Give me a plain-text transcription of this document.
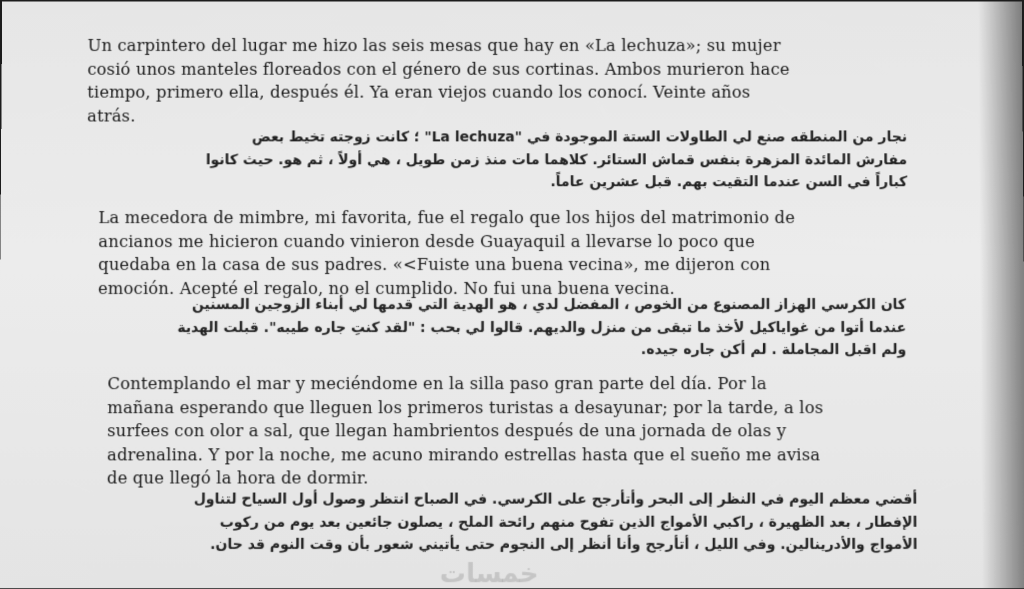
Un carpintero del lugar me hizo las seis mesas que hay en «La lechuza»; su mujer

cosió unos manteles floreados con el género de sus cortinas. Ambos murieron hace

tiempo, primero ella, después él. Ya eran viejos cuando los conocí. Veinte años

atrás.

نجار من المنطقه صنع لي الطاولات الستة الموجودة في "La lechuza" ؛ كانت زوجته تخيط بعض

مفارش المائدة المزهرة بنفس قماش الستائر. كلاهما مات منذ زمن طويل ، هي أولاً ، ثم هو. حيث كانوا

كباراً في السن عندما التقيت بهم. قبل عشرين عاماً.

La mecedora de mimbre, mi favorita, fue el regalo que los hijos del matrimonio de

ancianos me hicieron cuando vinieron desde Guayaquil a llevarse lo poco que

quedaba en la casa de sus padres. «<Fuiste una buena vecina», me dijeron con

emoción. Acepté el regalo, no el cumplido. No fui una buena vecina.

كان الكرسي الهزاز المصنوع من الخوص ، المفضل لدي ، هو الهدية التي قدمها لي أبناء الزوجين المسنين

عندما أتوا من غواياكيل لأخذ ما تبقى من منزل والديهم. قالوا لي بحب : "لقد كنتِ جاره طيبه". قبلت الهدية

ولم اقبل المجاملة . لم أكن جاره جيده.

Contemplando el mar y meciéndome en la silla paso gran parte del día. Por la

mañana esperando que lleguen los primeros turistas a desayunar; por la tarde, a los

surfees con olor a sal, que llegan hambrientos después de una jornada de olas y

adrenalina. Y por la noche, me acuno mirando estrellas hasta que el sueño me avisa

de que llegó la hora de dormir.

أقضي معظم اليوم في النظر إلى البحر وأتأرجح على الكرسي. في الصباح انتظر وصول أول السياح لتناول

الإفطار ، بعد الظهيرة ، راكبي الأمواج الذين تفوح منهم رائحة الملح ، يصلون جائعين بعد يوم من ركوب

الأمواج والأدرينالين. وفي الليل ، أتأرجح وأنا أنظر إلى النجوم حتى يأتيني شعور بأن وقت النوم قد حان.

خمسات
